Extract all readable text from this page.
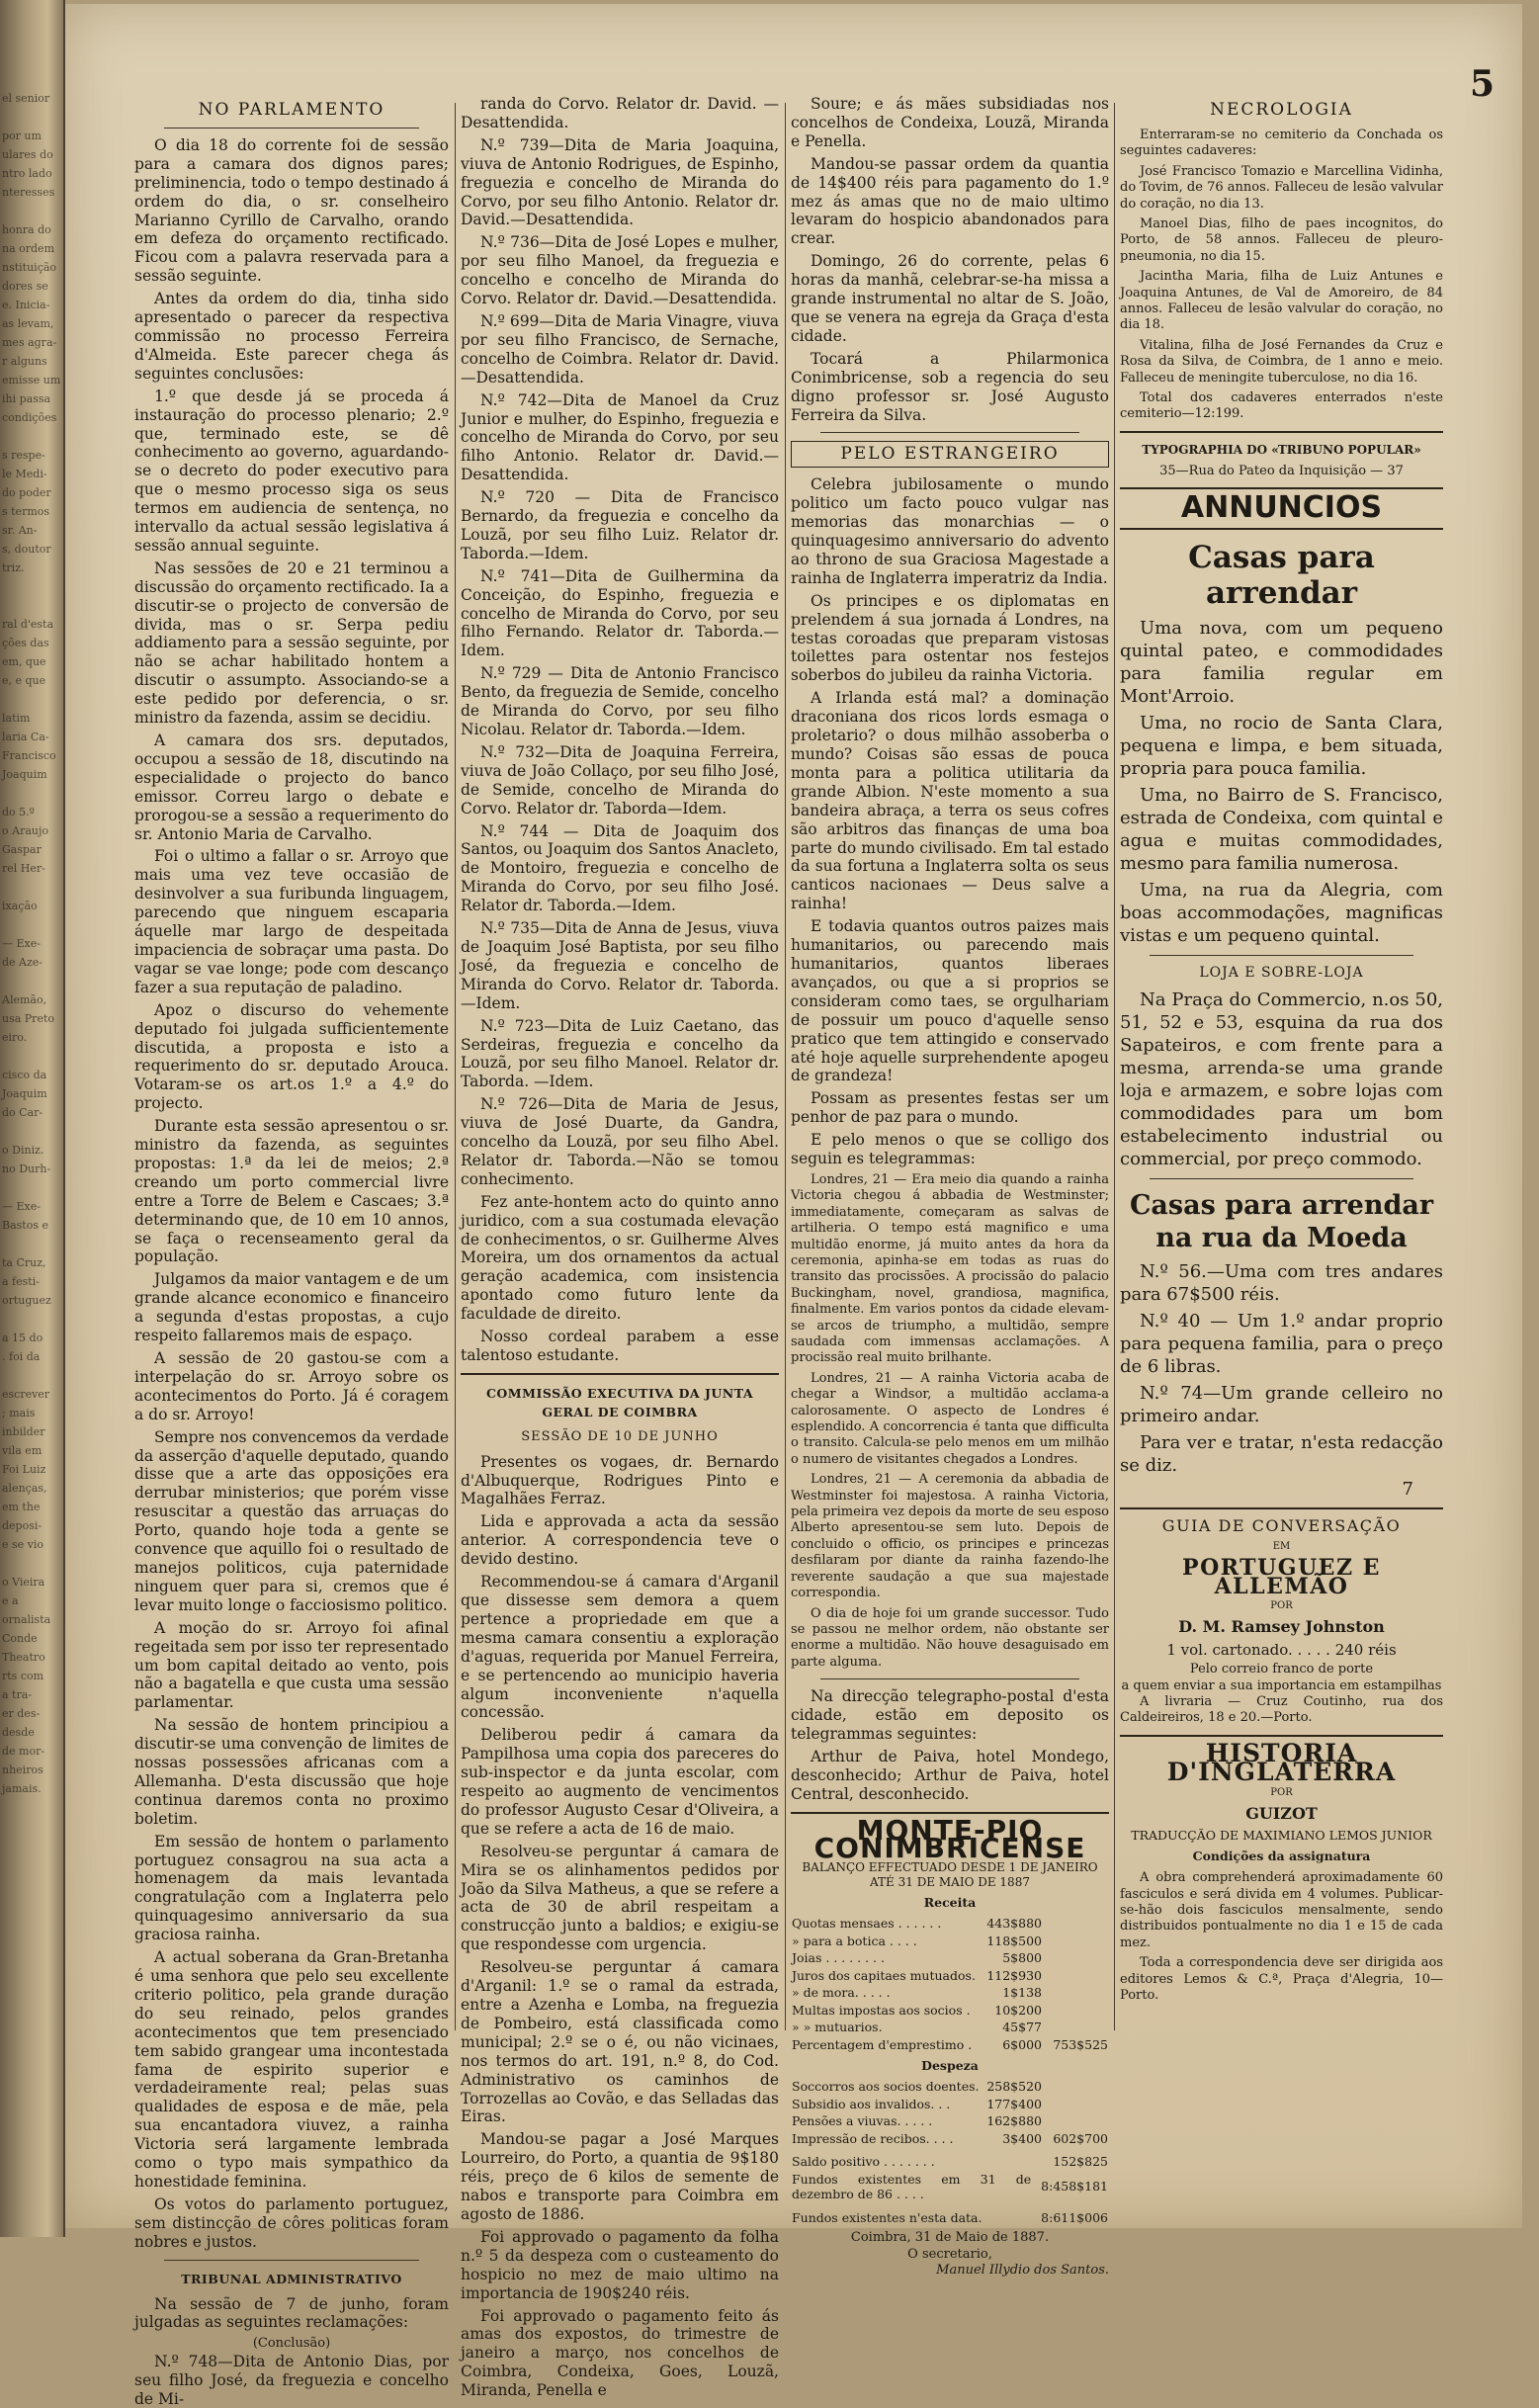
el senior

por um
ulares do
ntro lado
nteresses

honra do
na ordem
nstituição
dores se
e. Inicia-
as levam,
mes agra-
r alguns
emisse um
ihi passa
condições

s respe-
le Medi-
do poder
s termos
sr. An-
s, doutor
triz.

ral d'esta
ções das
em, que
e, e que

latim
laria Ca-
Francisco
Joaquim

do 5.º
o Araujo
Gaspar
rel Her-

ixação

— Exe-
de Aze-

Alemão,
usa Preto
eiro.

cisco da
Joaquim
do Car-

o Diniz.
no Durh-

— Exe-
Bastos e

ta Cruz,
a festi-
ortuguez

a 15 do
. foi da

escrever
; mais
inbilder
vila em
Foi Luiz
alenças,
em the
deposi-
e se vio

o Vieira
e a
ornalista
Conde
Theatro
rts com
a tra-
er des-
desde
de mor-
nheiros
jamais.
5
NO PARLAMENTO

O dia 18 do corrente foi de sessão para a camara dos dignos pares; preliminencia, todo o tempo destinado á ordem do dia, o sr. conselheiro Marianno Cyrillo de Carvalho, orando em defeza do orçamento rectificado. Ficou com a palavra reservada para a sessão seguinte.

Antes da ordem do dia, tinha sido apresentado o parecer da respectiva commissão no processo Ferreira d'Almeida. Este parecer chega ás seguintes conclusões:

1.º que desde já se proceda á instauração do processo plenario; 2.º que, terminado este, se dê conhecimento ao governo, aguardando-se o decreto do poder executivo para que o mesmo processo siga os seus termos em audiencia de sentença, no intervallo da actual sessão legislativa á sessão annual seguinte.

Nas sessões de 20 e 21 terminou a discussão do orçamento rectificado. Ia a discutir-se o projecto de conversão de divida, mas o sr. Serpa pediu addiamento para a sessão seguinte, por não se achar habilitado hontem a discutir o assumpto. Associando-se a este pedido por deferencia, o sr. ministro da fazenda, assim se decidiu.

A camara dos srs. deputados, occupou a sessão de 18, discutindo na especialidade o projecto do banco emissor. Correu largo o debate e prorogou-se a sessão a requerimento do sr. Antonio Maria de Carvalho.

Foi o ultimo a fallar o sr. Arroyo que mais uma vez teve occasião de desinvolver a sua furibunda linguagem, parecendo que ninguem escaparia áquelle mar largo de despeitada impaciencia de sobraçar uma pasta. Do vagar se vae longe; pode com descanço fazer a sua reputação de paladino.

Apoz o discurso do vehemente deputado foi julgada sufficientemente discutida, a proposta e isto a requerimento do sr. deputado Arouca. Votaram-se os art.os 1.º a 4.º do projecto.

Durante esta sessão apresentou o sr. ministro da fazenda, as seguintes propostas: 1.ª da lei de meios; 2.ª creando um porto commercial livre entre a Torre de Belem e Cascaes; 3.ª determinando que, de 10 em 10 annos, se faça o recenseamento geral da população.

Julgamos da maior vantagem e de um grande alcance economico e financeiro a segunda d'estas propostas, a cujo respeito fallaremos mais de espaço.

A sessão de 20 gastou-se com a interpelação do sr. Arroyo sobre os acontecimentos do Porto. Já é coragem a do sr. Arroyo!

Sempre nos convencemos da verdade da asserção d'aquelle deputado, quando disse que a arte das opposições era derrubar ministerios; que porém visse resuscitar a questão das arruaças do Porto, quando hoje toda a gente se convence que aquillo foi o resultado de manejos politicos, cuja paternidade ninguem quer para si, cremos que é levar muito longe o facciosismo politico.

A moção do sr. Arroyo foi afinal regeitada sem por isso ter representado um bom capital deitado ao vento, pois não a bagatella e que custa uma sessão parlamentar.

Na sessão de hontem principiou a discutir-se uma convenção de limites de nossas possessões africanas com a Allemanha. D'esta discussão que hoje continua daremos conta no proximo boletim.

Em sessão de hontem o parlamento portuguez consagrou na sua acta a homenagem da mais levantada congratulação com a Inglaterra pelo quinquagesimo anniversario da sua graciosa rainha.

A actual soberana da Gran-Bretanha é uma senhora que pelo seu excellente criterio politico, pela grande duração do seu reinado, pelos grandes acontecimentos que tem presenciado tem sabido grangear uma incontestada fama de espirito superior e verdadeiramente real; pelas suas qualidades de esposa e de mãe, pela sua encantadora viuvez, a rainha Victoria será largamente lembrada como o typo mais sympathico da honestidade feminina.

Os votos do parlamento portuguez, sem distincção de côres politicas foram nobres e justos.

TRIBUNAL ADMINISTRATIVO

Na sessão de 7 de junho, foram julgadas as seguintes reclamações:

(Conclusão)

N.º 748—Dita de Antonio Dias, por seu filho José, da freguezia e concelho de Mi-

randa do Corvo. Relator dr. David. — Desattendida.

N.º 739—Dita de Maria Joaquina, viuva de Antonio Rodrigues, de Espinho, freguezia e concelho de Miranda do Corvo, por seu filho Antonio. Relator dr. David.—Desattendida.

N.º 736—Dita de José Lopes e mulher, por seu filho Manoel, da freguezia e concelho e concelho de Miranda do Corvo. Relator dr. David.—Desattendida.

N.º 699—Dita de Maria Vinagre, viuva por seu filho Francisco, de Sernache, concelho de Coimbra. Relator dr. David.—Desattendida.

N.º 742—Dita de Manoel da Cruz Junior e mulher, do Espinho, freguezia e concelho de Miranda do Corvo, por seu filho Antonio. Relator dr. David.—Desattendida.

N.º 720 — Dita de Francisco Bernardo, da freguezia e concelho da Louzã, por seu filho Luiz. Relator dr. Taborda.—Idem.

N.º 741—Dita de Guilhermina da Conceição, do Espinho, freguezia e concelho de Miranda do Corvo, por seu filho Fernando. Relator dr. Taborda.—Idem.

N.º 729 — Dita de Antonio Francisco Bento, da freguezia de Semide, concelho de Miranda do Corvo, por seu filho Nicolau. Relator dr. Taborda.—Idem.

N.º 732—Dita de Joaquina Ferreira, viuva de João Collaço, por seu filho José, de Semide, concelho de Miranda do Corvo. Relator dr. Taborda—Idem.

N.º 744 — Dita de Joaquim dos Santos, ou Joaquim dos Santos Anacleto, de Montoiro, freguezia e concelho de Miranda do Corvo, por seu filho José. Relator dr. Taborda.—Idem.

N.º 735—Dita de Anna de Jesus, viuva de Joaquim José Baptista, por seu filho José, da freguezia e concelho de Miranda do Corvo. Relator dr. Taborda.—Idem.

N.º 723—Dita de Luiz Caetano, das Serdeiras, freguezia e concelho da Louzã, por seu filho Manoel. Relator dr. Taborda. —Idem.

N.º 726—Dita de Maria de Jesus, viuva de José Duarte, da Gandra, concelho da Louzã, por seu filho Abel. Relator dr. Taborda.—Não se tomou conhecimento.

Fez ante-hontem acto do quinto anno juridico, com a sua costumada elevação de conhecimentos, o sr. Guilherme Alves Moreira, um dos ornamentos da actual geração academica, com insistencia apontado como futuro lente da faculdade de direito.

Nosso cordeal parabem a esse talentoso estudante.

COMMISSÃO EXECUTIVA DA JUNTA GERAL DE COIMBRA
SESSÃO DE 10 DE JUNHO

Presentes os vogaes, dr. Bernardo d'Albuquerque, Rodrigues Pinto e Magalhães Ferraz.

Lida e approvada a acta da sessão anterior. A correspondencia teve o devido destino.

Recommendou-se á camara d'Arganil que dissesse sem demora a quem pertence a propriedade em que a mesma camara consentiu a exploração d'aguas, requerida por Manuel Ferreira, e se pertencendo ao municipio haveria algum inconveniente n'aquella concessão.

Deliberou pedir á camara da Pampilhosa uma copia dos pareceres do sub-inspector e da junta escolar, com respeito ao augmento de vencimentos do professor Augusto Cesar d'Oliveira, a que se refere a acta de 16 de maio.

Resolveu-se perguntar á camara de Mira se os alinhamentos pedidos por João da Silva Matheus, a que se refere a acta de 30 de abril respeitam a construcção junto a baldios; e exigiu-se que respondesse com urgencia.

Resolveu-se perguntar á camara d'Arganil: 1.º se o ramal da estrada, entre a Azenha e Lomba, na freguezia de Pombeiro, está classificada como municipal; 2.º se o é, ou não vicinaes, nos termos do art. 191, n.º 8, do Cod. Administrativo os caminhos de Torrozellas ao Covão, e das Selladas das Eiras.

Mandou-se pagar a José Marques Lourreiro, do Porto, a quantia de 9$180 réis, preço de 6 kilos de semente de nabos e transporte para Coimbra em agosto de 1886.

Foi approvado o pagamento da folha n.º 5 da despeza com o custeamento do hospicio no mez de maio ultimo na importancia de 190$240 réis.

Foi approvado o pagamento feito ás amas dos expostos, do trimestre de janeiro a março, nos concelhos de Coimbra, Condeixa, Goes, Louzã, Miranda, Penella e

Soure; e ás mães subsidiadas nos concelhos de Condeixa, Louzã, Miranda e Penella.

Mandou-se passar ordem da quantia de 14$400 réis para pagamento do 1.º mez ás amas que no de maio ultimo levaram do hospicio abandonados para crear.

Domingo, 26 do corrente, pelas 6 horas da manhã, celebrar-se-ha missa a grande instrumental no altar de S. João, que se venera na egreja da Graça d'esta cidade.

Tocará a Philarmonica Conimbricense, sob a regencia do seu digno professor sr. José Augusto Ferreira da Silva.

PELO ESTRANGEIRO

Celebra jubilosamente o mundo politico um facto pouco vulgar nas memorias das monarchias — o quinquagesimo anniversario do advento ao throno de sua Graciosa Magestade a rainha de Inglaterra imperatriz da India.

Os principes e os diplomatas en prelendem á sua jornada á Londres, na testas coroadas que preparam vistosas toilettes para ostentar nos festejos soberbos do jubileu da rainha Victoria.

A Irlanda está mal? a dominação draconiana dos ricos lords esmaga o proletario? o dous milhão assoberba o mundo? Coisas são essas de pouca monta para a politica utilitaria da grande Albion. N'este momento a sua bandeira abraça, a terra os seus cofres são arbitros das finanças de uma boa parte do mundo civilisado. Em tal estado da sua fortuna a Inglaterra solta os seus canticos nacionaes — Deus salve a rainha!

E todavia quantos outros paizes mais humanitarios, ou parecendo mais humanitarios, quantos liberaes avançados, ou que a si proprios se consideram como taes, se orgulhariam de possuir um pouco d'aquelle senso pratico que tem attingido e conservado até hoje aquelle surprehendente apogeu de grandeza!

Possam as presentes festas ser um penhor de paz para o mundo.

E pelo menos o que se colligo dos seguin es telegrammas:

Londres, 21 — Era meio dia quando a rainha Victoria chegou á abbadia de Westminster; immediatamente, começaram as salvas de artilheria. O tempo está magnifico e uma multidão enorme, já muito antes da hora da ceremonia, apinha-se em todas as ruas do transito das procissões. A procissão do palacio Buckingham, novel, grandiosa, magnifica, finalmente. Em varios pontos da cidade elevam-se arcos de triumpho, a multidão, sempre saudada com immensas acclamações. A procissão real muito brilhante.

Londres, 21 — A rainha Victoria acaba de chegar a Windsor, a multidão acclama-a calorosamente. O aspecto de Londres é esplendido. A concorrencia é tanta que difficulta o transito. Calcula-se pelo menos em um milhão o numero de visitantes chegados a Londres.

Londres, 21 — A ceremonia da abbadia de Westminster foi majestosa. A rainha Victoria, pela primeira vez depois da morte de seu esposo Alberto apresentou-se sem luto. Depois de concluido o officio, os principes e princezas desfilaram por diante da rainha fazendo-lhe reverente saudação a que sua majestade correspondia.

O dia de hoje foi um grande successor. Tudo se passou ne melhor ordem, não obstante ser enorme a multidão. Não houve desaguisado em parte alguma.

Na direcção telegrapho-postal d'esta cidade, estão em deposito os telegrammas seguintes:

Arthur de Paiva, hotel Mondego, desconhecido; Arthur de Paiva, hotel Central, desconhecido.

MONTE-PIO CONIMBRICENSE
BALANÇO EFFECTUADO DESDE 1 DE JANEIRO
ATÉ 31 DE MAIO DE 1887
Receita
Quotas mensaes . . . . . .	443$880	
» para a botica . . . .	118$500	
Joias . . . . . . . .	5$800	
Juros dos capitaes mutuados.	112$930	
» de mora. . . . .	1$138	
Multas impostas aos socios .	10$200	
» » mutuarios.	45$77	
Percentagem d'emprestimo .	6$000	753$525
Despeza
Soccorros aos socios doentes.	258$520	
Subsidio aos invalidos. . .	177$400	
Pensões a viuvas. . . . .	162$880	
Impressão de recibos. . . .	3$400	602$700
Saldo positivo . . . . . . .		152$825
Fundos existentes em 31 de dezembro de 86 . . . .		8:458$181
Fundos existentes n'esta data.	8:611$006
Coimbra, 31 de Maio de 1887.
O secretario,
Manuel Illydio dos Santos.
NECROLOGIA

Enterraram-se no cemiterio da Conchada os seguintes cadaveres:

José Francisco Tomazio e Marcellina Vidinha, do Tovim, de 76 annos. Falleceu de lesão valvular do coração, no dia 13.

Manoel Dias, filho de paes incognitos, do Porto, de 58 annos. Falleceu de pleuro-pneumonia, no dia 15.

Jacintha Maria, filha de Luiz Antunes e Joaquina Antunes, de Val de Amoreiro, de 84 annos. Falleceu de lesão valvular do coração, no dia 18.

Vitalina, filha de José Fernandes da Cruz e Rosa da Silva, de Coimbra, de 1 anno e meio. Falleceu de meningite tuberculose, no dia 16.

Total dos cadaveres enterrados n'este cemiterio—12:199.

TYPOGRAPHIA DO «TRIBUNO POPULAR»
35—Rua do Pateo da Inquisição — 37
ANNUNCIOS
Casas para arrendar

Uma nova, com um pequeno quintal pateo, e commodidades para familia regular em Mont'Arroio.

Uma, no rocio de Santa Clara, pequena e limpa, e bem situada, propria para pouca familia.

Uma, no Bairro de S. Francisco, estrada de Condeixa, com quintal e agua e muitas commodidades, mesmo para familia numerosa.

Uma, na rua da Alegria, com boas accommodações, magnificas vistas e um pequeno quintal.

LOJA E SOBRE-LOJA

Na Praça do Commercio, n.os 50, 51, 52 e 53, esquina da rua dos Sapateiros, e com frente para a mesma, arrenda-se uma grande loja e armazem, e sobre lojas com commodidades para um bom estabelecimento industrial ou commercial, por preço commodo.

Casas para arrendar na rua da Moeda

N.º 56.—Uma com tres andares para 67$500 réis.

N.º 40 — Um 1.º andar proprio para pequena familia, para o preço de 6 libras.

N.º 74—Um grande celleiro no primeiro andar.

Para ver e tratar, n'esta redacção se diz.

7
GUIA DE CONVERSAÇÃO
EM
PORTUGUEZ E ALLEMÃO
POR
D. M. Ramsey Johnston
1 vol. cartonado. . . . . 240 réis
Pelo correio franco de porte
a quem enviar a sua importancia em estampilhas

A livraria — Cruz Coutinho, rua dos Caldeireiros, 18 e 20.—Porto.

HISTORIA D'INGLATERRA
POR
GUIZOT
TRADUCÇÃO DE MAXIMIANO LEMOS JUNIOR
Condições da assignatura

A obra comprehenderá aproximadamente 60 fasciculos e será divida em 4 volumes. Publicar-se-hão dois fasciculos mensalmente, sendo distribuidos pontualmente no dia 1 e 15 de cada mez.

Toda a correspondencia deve ser dirigida aos editores Lemos & C.ª, Praça d'Alegria, 10—Porto.
